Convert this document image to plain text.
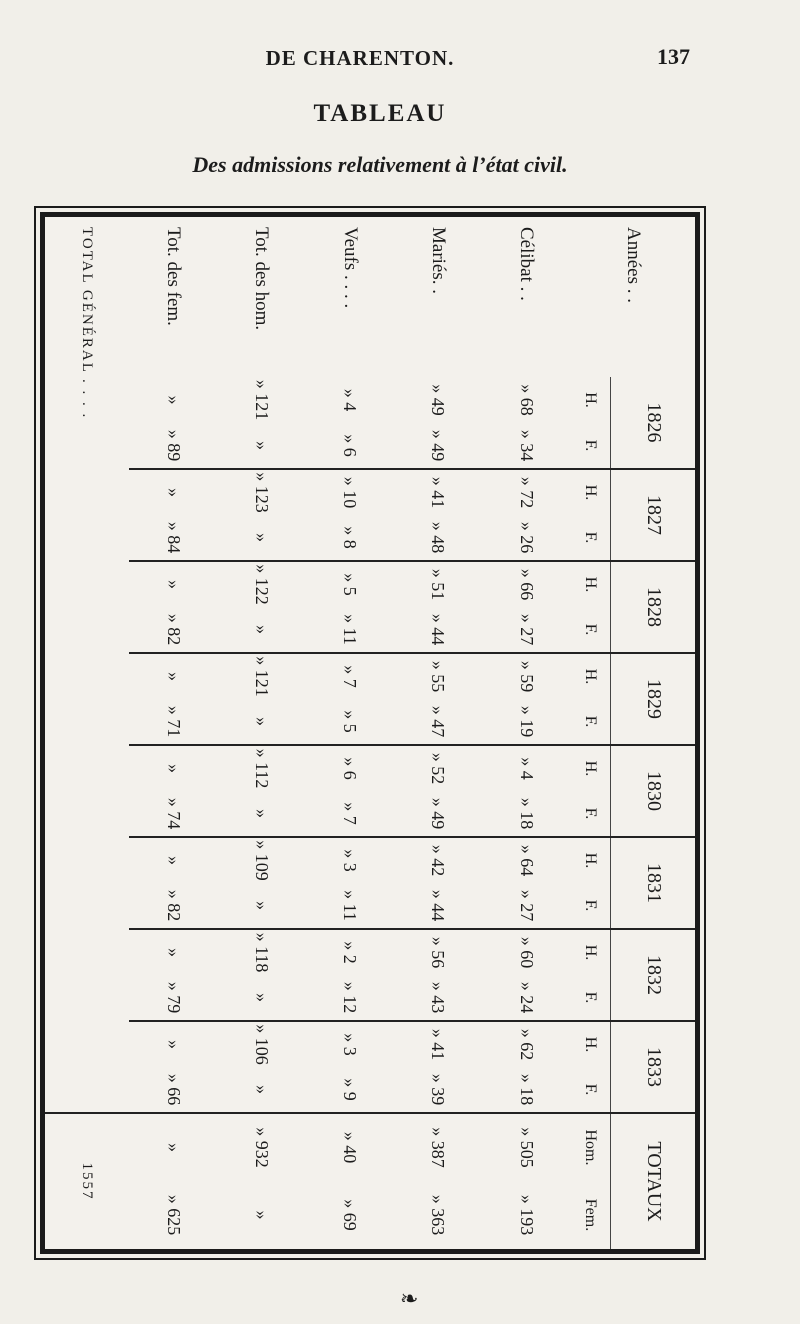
DE CHARENTON.	137
TABLEAU
Des admissions relativement à l’état civil.
Années . .	1826		1827		1828		1829		1830		1831		1832		1833		TOTAUX	
	H.	F.	H.	F.	H.	F.	H.	F.	H.	F.	H.	F.	H.	F.	H.	F.	Hom.	Fem.
Célibat . .	» 68	» 34	» 72	» 26	» 66	» 27	» 59	» 19	» 4	» 18	» 64	» 27	» 60	» 24	» 62	» 18	» 505	» 193
Mariés. .	» 49	» 49	» 41	» 48	» 51	» 44	» 55	» 47	» 52	» 49	» 42	» 44	» 56	» 43	» 41	» 39	» 387	» 363
Veufs . . . .	» 4	» 6	» 10	» 8	» 5	» 11	» 7	» 5	» 6	» 7	» 3	» 11	» 2	» 12	» 3	» 9	» 40	» 69
Tot. des hom.	» 121	»	» 123	»	» 122	»	» 121	»	» 112	»	» 109	»	» 118	»	» 106	»	» 932	»
Tot. des fem.	»	» 89	»	» 84	»	» 82	»	» 71	»	» 74	»	» 82	»	» 79	»	» 66	»	» 625
TOTAL GÉNÉRAL . . . .																	1557	
❧
